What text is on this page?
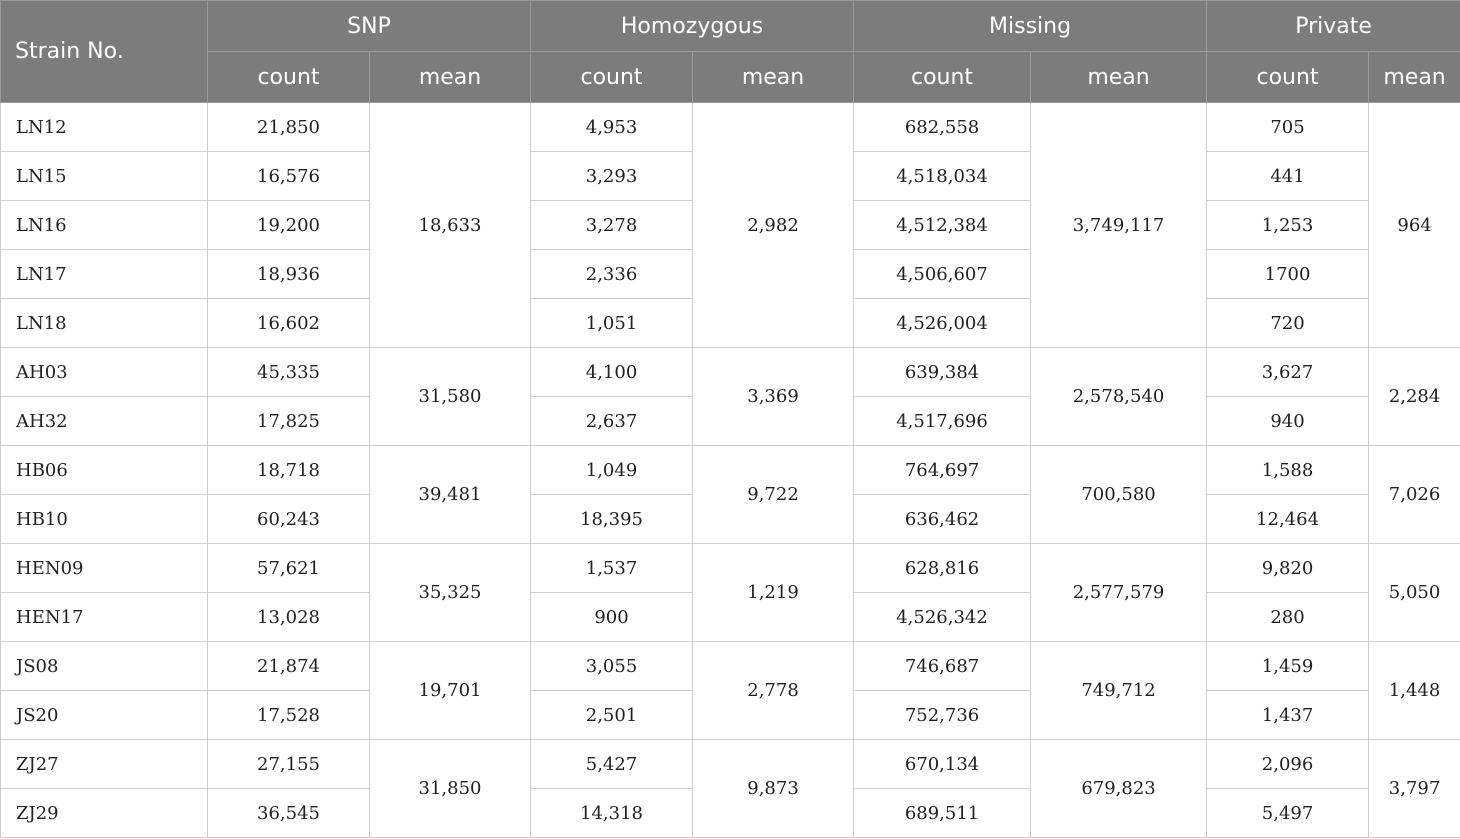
Strain No.	SNP		Homozygous		Missing		Private	
	count	mean	count	mean	count	mean	count	mean
LN12	21,850	18,633	4,953	2,982	682,558	3,749,117	705	964
LN15	16,576		3,293		4,518,034		441	
LN16	19,200		3,278		4,512,384		1,253	
LN17	18,936		2,336		4,506,607		1700	
LN18	16,602		1,051		4,526,004		720	
AH03	45,335	31,580	4,100	3,369	639,384	2,578,540	3,627	2,284
AH32	17,825		2,637		4,517,696		940	
HB06	18,718	39,481	1,049	9,722	764,697	700,580	1,588	7,026
HB10	60,243		18,395		636,462		12,464	
HEN09	57,621	35,325	1,537	1,219	628,816	2,577,579	9,820	5,050
HEN17	13,028		900		4,526,342		280	
JS08	21,874	19,701	3,055	2,778	746,687	749,712	1,459	1,448
JS20	17,528		2,501		752,736		1,437	
ZJ27	27,155	31,850	5,427	9,873	670,134	679,823	2,096	3,797
ZJ29	36,545		14,318		689,511		5,497	
